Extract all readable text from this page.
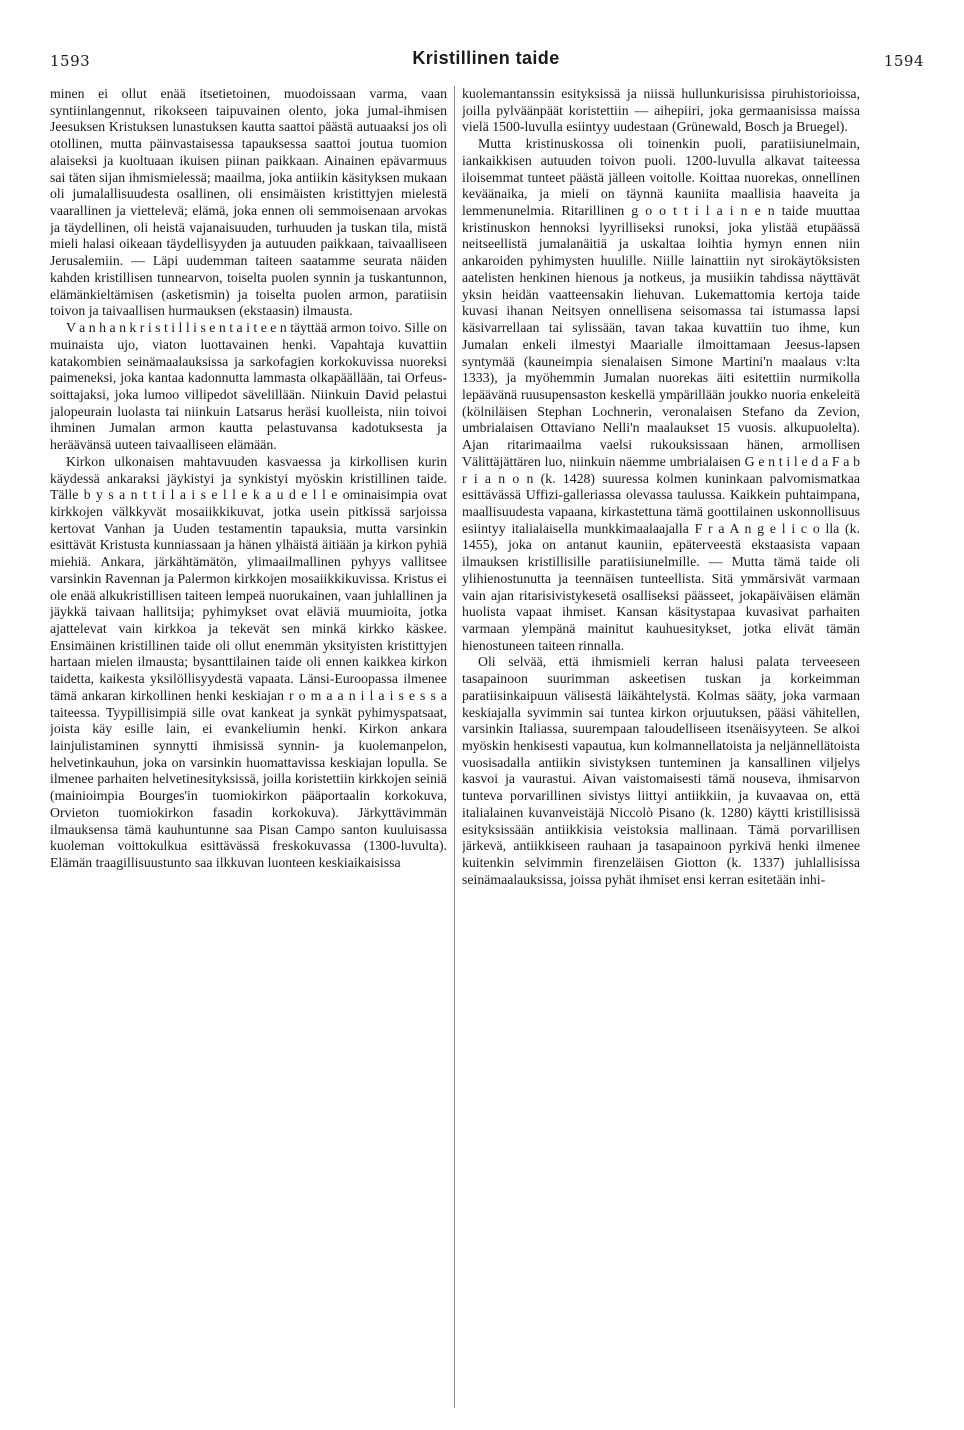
1593	Kristillinen taide	1594

minen ei ollut enää itsetietoinen, muodoissaan varma, vaan syntiinlangennut, rikokseen taipuvainen olento, joka jumal-ihmisen Jeesuksen Kristuksen lunastuksen kautta saattoi päästä autuaaksi jos oli otollinen, mutta päinvastaisessa tapauksessa saattoi joutua tuomion alaiseksi ja kuoltuaan ikuisen piinan paikkaan. Ainainen epävarmuus sai täten sijan ihmismielessä; maailma, joka antiikin käsityksen mukaan oli jumalallisuudesta osallinen, oli ensimäisten kristittyjen mielestä vaarallinen ja viettelevä; elämä, joka ennen oli semmoisenaan arvokas ja täydellinen, oli heistä vajanaisuuden, turhuuden ja tuskan tila, mistä mieli halasi oikeaan täydellisyyden ja autuuden paikkaan, taivaalliseen Jerusalemiin. — Läpi uudemman taiteen saatamme seurata näiden kahden kristillisen tunnearvon, toiselta puolen synnin ja tuskantunnon, elämänkieltämisen (asketismin) ja toiselta puolen armon, paratiisin toivon ja taivaallisen hurmauksen (ekstaasin) ilmausta.

V a n h a n k r i s t i l l i s e n t a i t e e n täyttää armon toivo. Sille on muinaista ujo, viaton luottavainen henki. Vapahtaja kuvattiin katakombien seinämaalauksissa ja sarkofagien korkokuvissa nuoreksi paimeneksi, joka kantaa kadonnutta lammasta olkapäällään, tai Orfeus-soittajaksi, joka lumoo villipedot sävelillään. Niinkuin David pelastui jalopeurain luolasta tai niinkuin Latsarus heräsi kuolleista, niin toivoi ihminen Jumalan armon kautta pelastuvansa kadotuksesta ja heräävänsä uuteen taivaalliseen elämään.

Kirkon ulkonaisen mahtavuuden kasvaessa ja kirkollisen kurin käydessä ankaraksi jäykistyi ja synkistyi myöskin kristillinen taide. Tälle b y s a n t t i l a i s e l l e k a u d e l l e ominaisimpia ovat kirkkojen välkkyvät mosaiikkikuvat, jotka usein pitkissä sarjoissa kertovat Vanhan ja Uuden testamentin tapauksia, mutta varsinkin esittävät Kristusta kunniassaan ja hänen ylhäistä äitiään ja kirkon pyhiä miehiä. Ankara, järkähtämätön, ylimaailmallinen pyhyys vallitsee varsinkin Ravennan ja Palermon kirkkojen mosaiikkikuvissa. Kristus ei ole enää alkukristillisen taiteen lempeä nuorukainen, vaan juhlallinen ja jäykkä taivaan hallitsija; pyhimykset ovat eläviä muumioita, jotka ajattelevat vain kirkkoa ja tekevät sen minkä kirkko käskee. Ensimäinen kristillinen taide oli ollut enemmän yksityisten kristittyjen hartaan mielen ilmausta; bysanttilainen taide oli ennen kaikkea kirkon taidetta, kaikesta yksilöllisyydestä vapaata. Länsi-Euroopassa ilmenee tämä ankaran kirkollinen henki keskiajan r o m a a n i l a i s e s s a taiteessa. Tyypillisimpiä sille ovat kankeat ja synkät pyhimyspatsaat, joista käy esille lain, ei evankeliumin henki. Kirkon ankara lainjulistaminen synnytti ihmisissä synnin- ja kuolemanpelon, helvetinkauhun, joka on varsinkin huomattavissa keskiajan lopulla. Se ilmenee parhaiten helvetinesityksissä, joilla koristettiin kirkkojen seiniä (mainioimpia Bourges'in tuomiokirkon pääportaalin korkokuva, Orvieton tuomiokirkon fasadin korkokuva). Järkyttävimmän ilmauksensa tämä kauhuntunne saa Pisan Campo santon kuuluisassa kuoleman voittokulkua esittävässä freskokuvassa (1300-luvulta). Elämän traagillisuustunto saa ilkkuvan luonteen keskiaikaisissa

kuolemantanssin esityksissä ja niissä hullunkurisissa piruhistorioissa, joilla pylväänpäät koristettiin — aihepiiri, joka germaanisissa maissa vielä 1500-luvulla esiintyy uudestaan (Grünewald, Bosch ja Bruegel).

Mutta kristinuskossa oli toinenkin puoli, paratiisiunelmain, iankaikkisen autuuden toivon puoli. 1200-luvulla alkavat taiteessa iloisemmat tunteet päästä jälleen voitolle. Koittaa nuorekas, onnellinen keväänaika, ja mieli on täynnä kauniita maallisia haaveita ja lemmenunelmia. Ritarillinen g o o t t i l a i n e n taide muuttaa kristinuskon hennoksi lyyrilliseksi runoksi, joka ylistää etupäässä neitseellistä jumalanäitiä ja uskaltaa loihtia hymyn ennen niin ankaroiden pyhimysten huulille. Niille lainattiin nyt sirokäytöksisten aatelisten henkinen hienous ja notkeus, ja musiikin tahdissa näyttävät yksin heidän vaatteensakin liehuvan. Lukemattomia kertoja taide kuvasi ihanan Neitsyen onnellisena seisomassa tai istumassa lapsi käsivarrellaan tai sylissään, tavan takaa kuvattiin tuo ihme, kun Jumalan enkeli ilmestyi Maarialle ilmoittamaan Jeesus-lapsen syntymää (kauneimpia sienalaisen Simone Martini'n maalaus v:lta 1333), ja myöhemmin Jumalan nuorekas äiti esitettiin nurmikolla lepäävänä ruusupensaston keskellä ympärillään joukko nuoria enkeleitä (kölniläisen Stephan Lochnerin, veronalaisen Stefano da Zevion, umbrialaisen Ottaviano Nelli'n maalaukset 15 vuosis. alkupuolelta). Ajan ritarimaailma vaelsi rukouksissaan hänen, armollisen Välittäjättären luo, niinkuin näemme umbrialaisen G e n t i l e d a F a b r i a n o n (k. 1428) suuressa kolmen kuninkaan palvomismatkaa esittävässä Uffizi-galleriassa olevassa taulussa. Kaikkein puhtaimpana, maallisuudesta vapaana, kirkastettuna tämä goottilainen uskonnollisuus esiintyy italialaisella munkkimaalaajalla F r a A n g e l i c o lla (k. 1455), joka on antanut kauniin, epäterveestä ekstaasista vapaan ilmauksen kristillisille paratiisiunelmille. — Mutta tämä taide oli ylihienostunutta ja teennäisen tunteellista. Sitä ymmärsivät varmaan vain ajan ritarisivistykesetä osalliseksi päässeet, jokapäiväisen elämän huolista vapaat ihmiset. Kansan käsitystapaa kuvasivat parhaiten varmaan ylempänä mainitut kauhuesitykset, jotka elivät tämän hienostuneen taiteen rinnalla.

Oli selvää, että ihmismieli kerran halusi palata terveeseen tasapainoon suurimman askeetisen tuskan ja korkeimman paratiisinkaipuun välisestä läikähtelystä. Kolmas sääty, joka varmaan keskiajalla syvimmin sai tuntea kirkon orjuutuksen, pääsi vähitellen, varsinkin Italiassa, suurempaan taloudelliseen itsenäisyyteen. Se alkoi myöskin henkisesti vapautua, kun kolmannellatoista ja neljännellätoista vuosisadalla antiikin sivistyksen tunteminen ja kansallinen viljelys kasvoi ja vaurastui. Aivan vaistomaisesti tämä nouseva, ihmisarvon tunteva porvarillinen sivistys liittyi antiikkiin, ja kuvaavaa on, että italialainen kuvanveistäjä Niccolò Pisano (k. 1280) käytti kristillisissä esityksissään antiikkisia veistoksia mallinaan. Tämä porvarillisen järkevä, antiikkiseen rauhaan ja tasapainoon pyrkivä henki ilmenee kuitenkin selvimmin firenzeläisen Giotton (k. 1337) juhlallisissa seinämaalauksissa, joissa pyhät ihmiset ensi kerran esitetään inhi-
